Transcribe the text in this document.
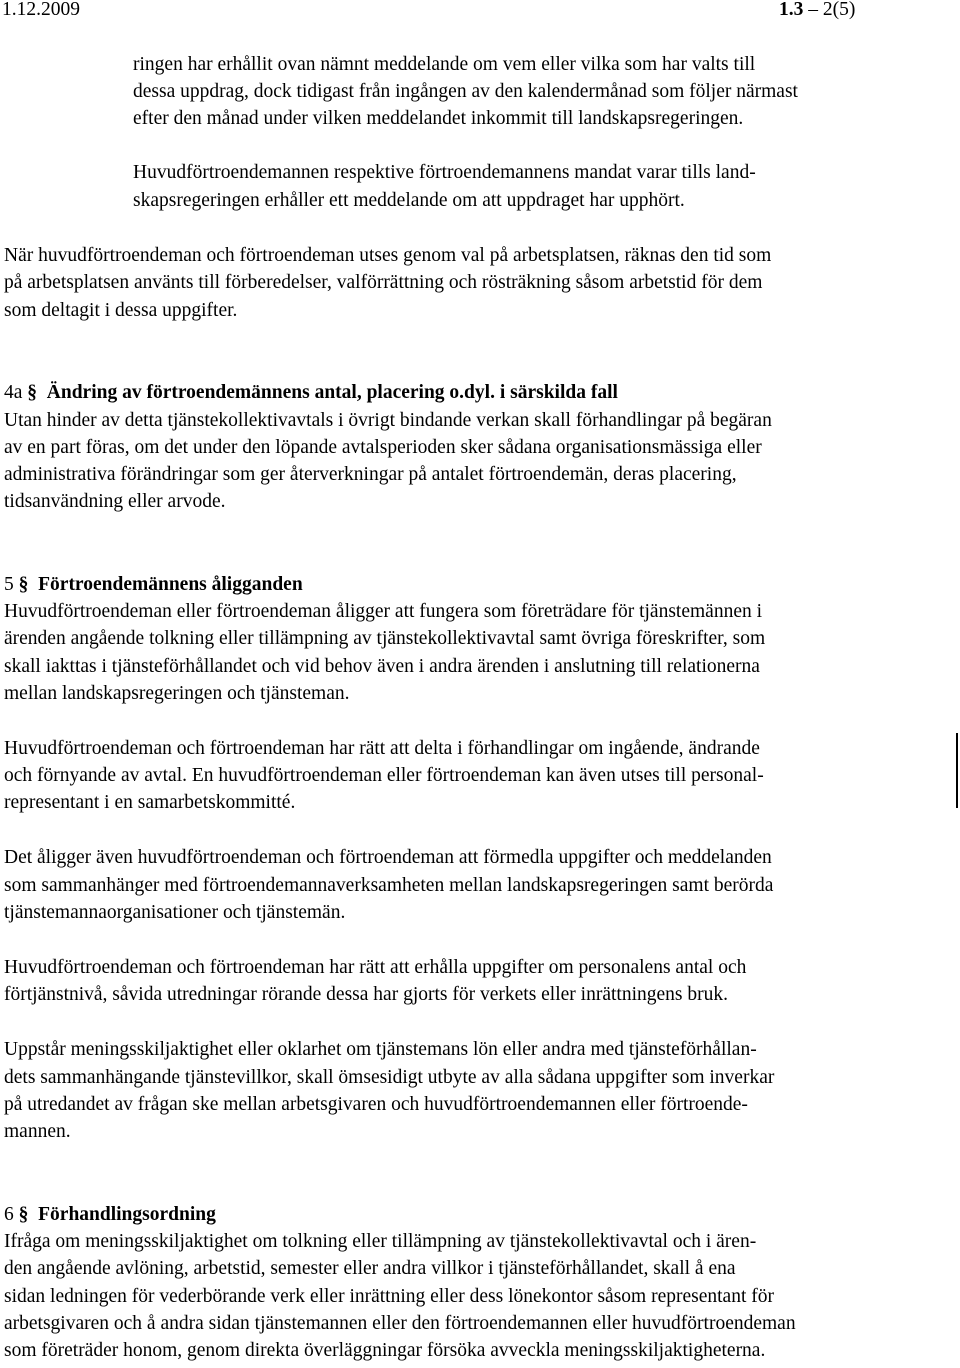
1.12.2009	1.3 – 2(5)
ringen har erhållit ovan nämnt meddelande om vem eller vilka som har valts till
dessa uppdrag, dock tidigast från ingången av den kalendermånad som följer närmast
efter den månad under vilken meddelandet inkommit till landskapsregeringen.
Huvudförtroendemannen respektive förtroendemannens mandat varar tills land-
skapsregeringen erhåller ett meddelande om att uppdraget har upphört.
När huvudförtroendeman och förtroendeman utses genom val på arbetsplatsen, räknas den tid som
på arbetsplatsen använts till förberedelser, valförrättning och rösträkning såsom arbetstid för dem
som deltagit i dessa uppgifter.
4a §  Ändring av förtroendemännens antal, placering o.dyl. i särskilda fall
Utan hinder av detta tjänstekollektivavtals i övrigt bindande verkan skall förhandlingar på begäran
av en part föras, om det under den löpande avtalsperioden sker sådana organisationsmässiga eller
administrativa förändringar som ger återverkningar på antalet förtroendemän, deras placering,
tidsanvändning eller arvode.
5 §  Förtroendemännens åligganden
Huvudförtroendeman eller förtroendeman åligger att fungera som företrädare för tjänstemännen i
ärenden angående tolkning eller tillämpning av tjänstekollektivavtal samt övriga föreskrifter, som
skall iakttas i tjänsteförhållandet och vid behov även i andra ärenden i anslutning till relationerna
mellan landskapsregeringen och tjänsteman.
Huvudförtroendeman och förtroendeman har rätt att delta i förhandlingar om ingående, ändrande
och förnyande av avtal. En huvudförtroendeman eller förtroendeman kan även utses till personal-
representant i en samarbetskommitté.
Det åligger även huvudförtroendeman och förtroendeman att förmedla uppgifter och meddelanden
som sammanhänger med förtroendemannaverksamheten mellan landskapsregeringen samt berörda
tjänstemannaorganisationer och tjänstemän.
Huvudförtroendeman och förtroendeman har rätt att erhålla uppgifter om personalens antal och
förtjänstnivå, såvida utredningar rörande dessa har gjorts för verkets eller inrättningens bruk.
Uppstår meningsskiljaktighet eller oklarhet om tjänstemans lön eller andra med tjänsteförhållan-
dets sammanhängande tjänstevillkor, skall ömsesidigt utbyte av alla sådana uppgifter som inverkar
på utredandet av frågan ske mellan arbetsgivaren och huvudförtroendemannen eller förtroende-
mannen.
6 §  Förhandlingsordning
Ifråga om meningsskiljaktighet om tolkning eller tillämpning av tjänstekollektivavtal och i ären-
den angående avlöning, arbetstid, semester eller andra villkor i tjänsteförhållandet, skall å ena
sidan ledningen för vederbörande verk eller inrättning eller dess lönekontor såsom representant för
arbetsgivaren och å andra sidan tjänstemannen eller den förtroendemannen eller huvudförtroendeman
som företräder honom, genom direkta överläggningar försöka avveckla meningsskiljaktigheterna.
